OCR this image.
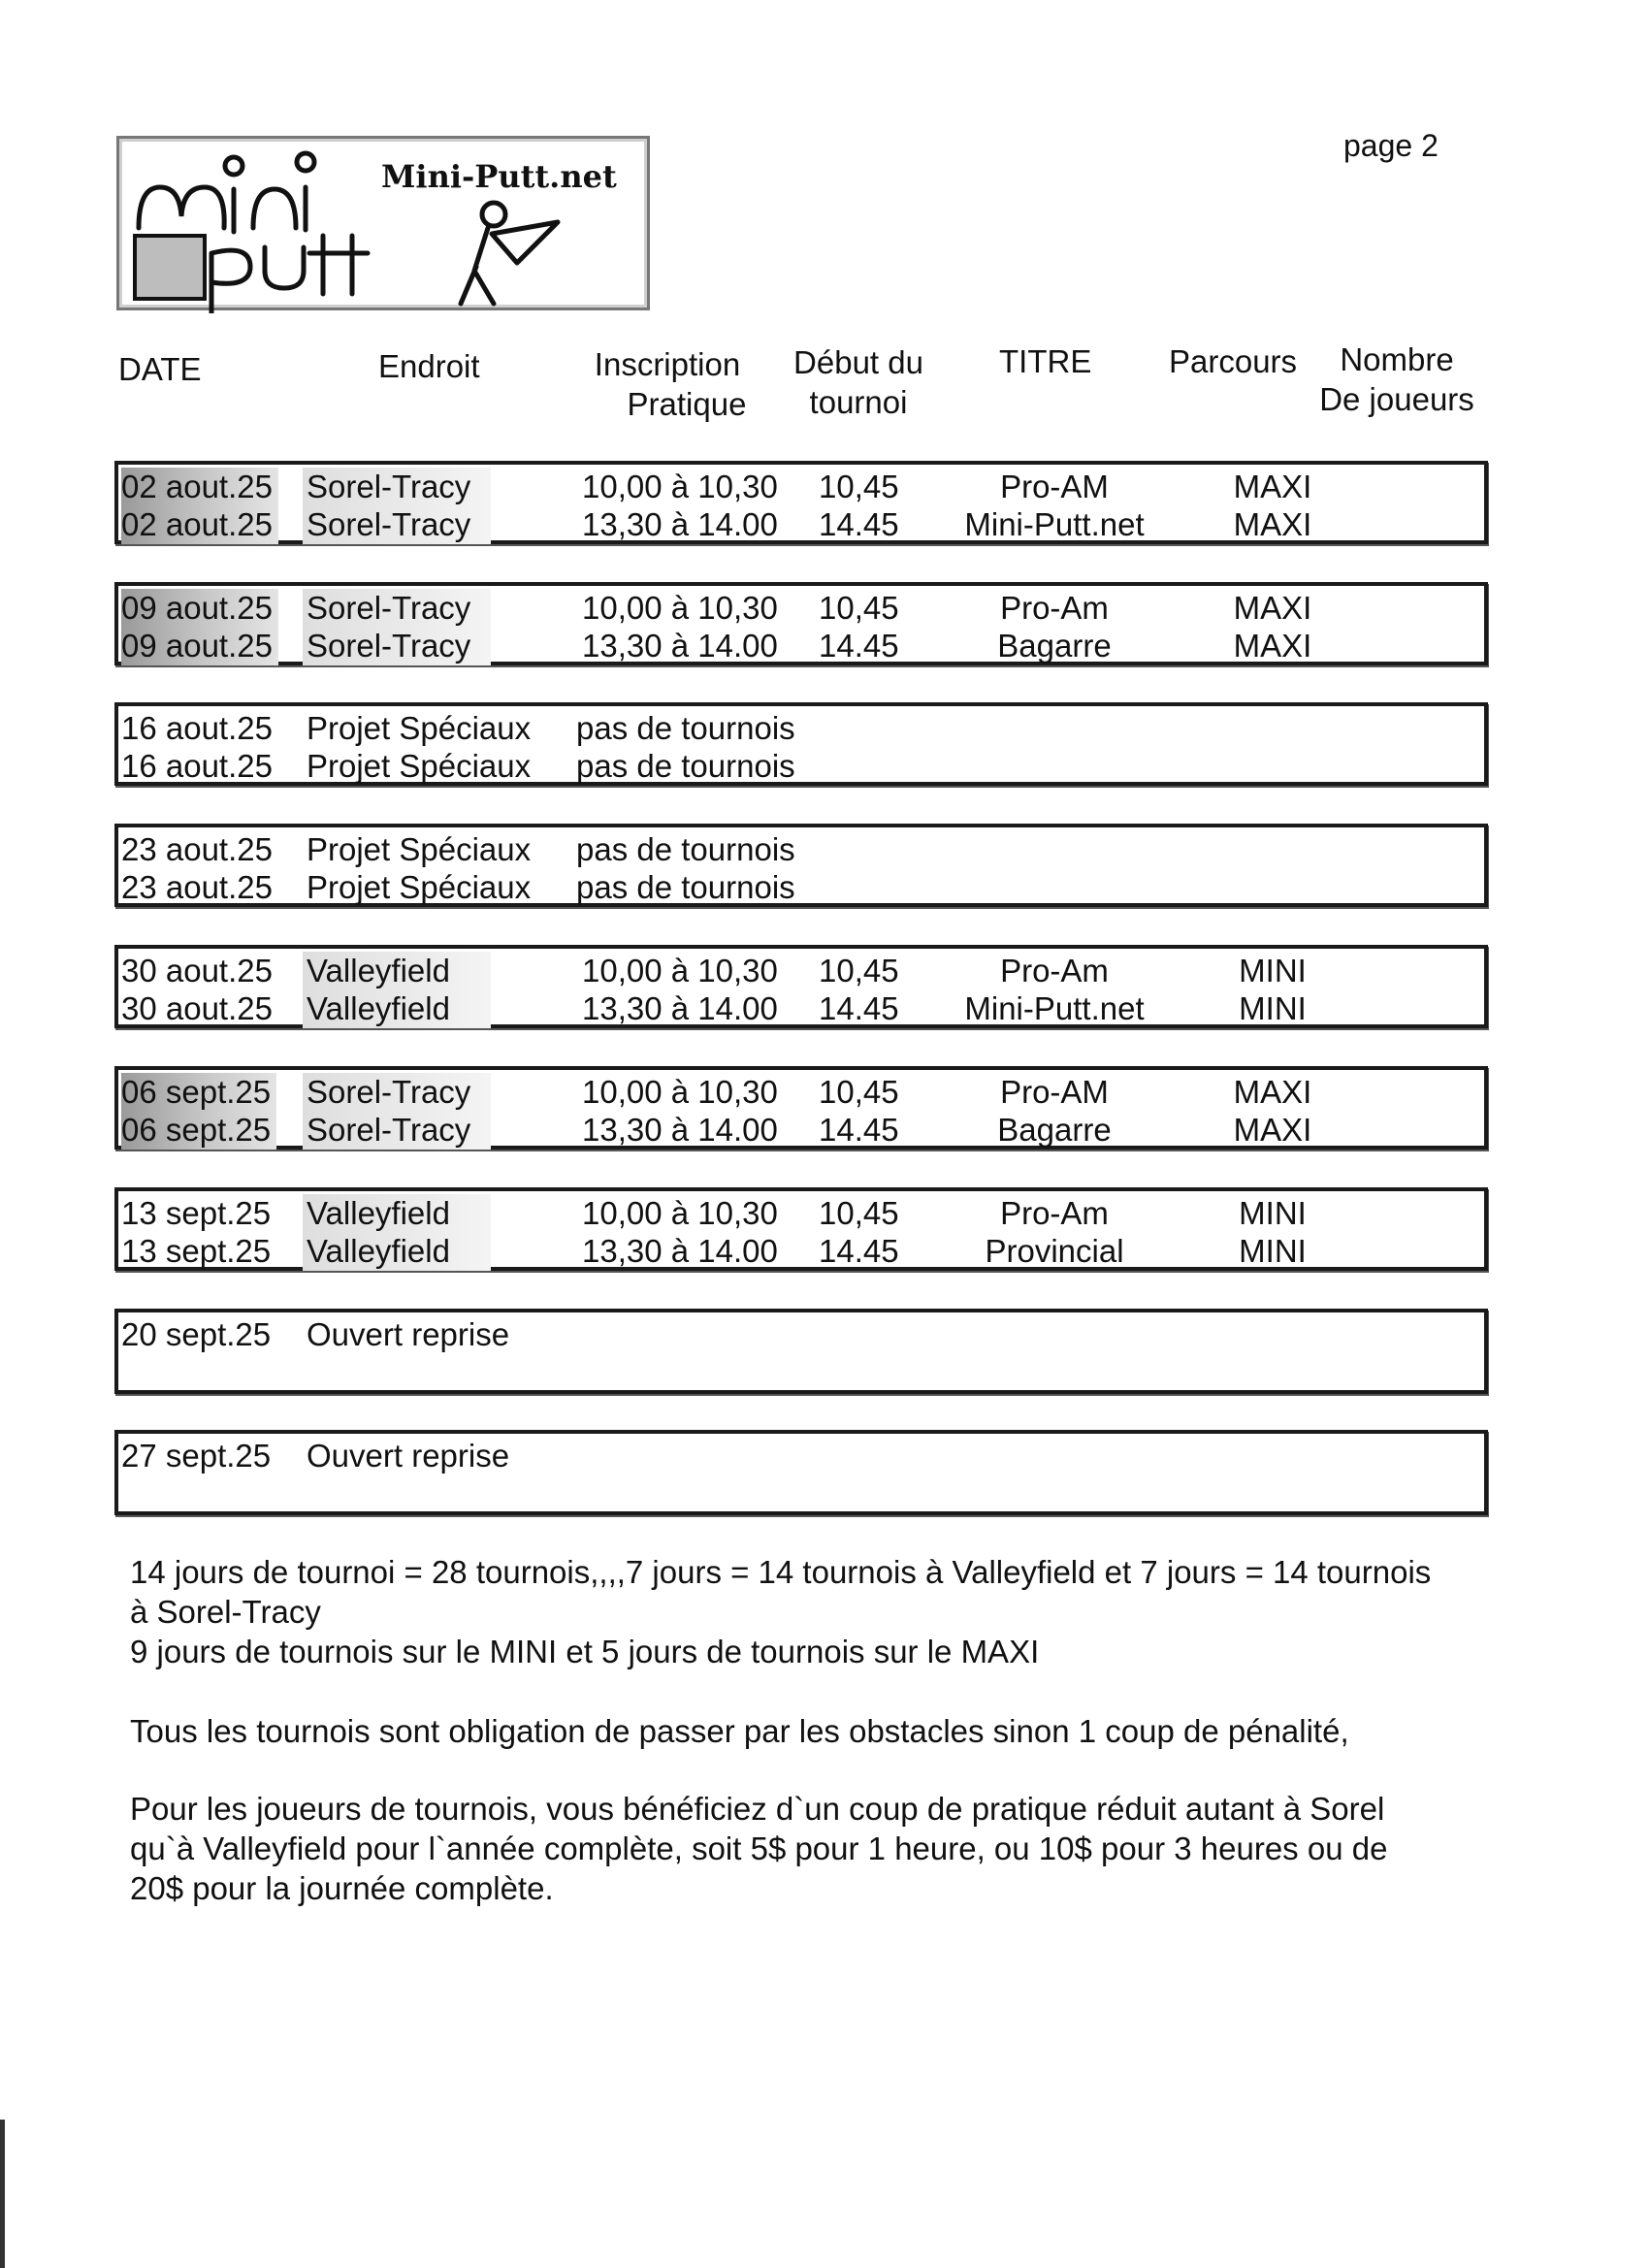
page 2
Mini-Putt.net
DATE	Endroit	Inscription
Pratique
Début du
tournoi
TITRE Parcours	Nombre
De joueurs
02 aout.25 Sorel-Tracy	10,00 à 10,30 10,45	Pro-AM	MAXI
02 aout.25 Sorel-Tracy	13,30 à 14.00 14.45	Mini-Putt.net	MAXI
09 aout.25 Sorel-Tracy	10,00 à 10,30 10,45	Pro-Am	MAXI
09 aout.25 Sorel-Tracy	13,30 à 14.00 14.45	Bagarre	MAXI
16 aout.25 Projet Spéciaux pas de tournois
16 aout.25 Projet Spéciaux pas de tournois
23 aout.25 Projet Spéciaux pas de tournois
23 aout.25 Projet Spéciaux pas de tournois
30 aout.25 Valleyfield	10,00 à 10,30 10,45	Pro-Am	MINI
30 aout.25 Valleyfield	13,30 à 14.00 14.45	Mini-Putt.net	MINI
06 sept.25 Sorel-Tracy	10,00 à 10,30 10,45	Pro-AM	MAXI
06 sept.25 Sorel-Tracy	13,30 à 14.00 14.45	Bagarre	MAXI
13 sept.25 Valleyfield	10,00 à 10,30 10,45	Pro-Am	MINI
13 sept.25 Valleyfield	13,30 à 14.00 14.45	Provincial	MINI
20 sept.25 Ouvert reprise
27 sept.25 Ouvert reprise

14 jours de tournoi = 28 tournois,,,,7 jours = 14 tournois à Valleyfield et 7 jours = 14 tournois

à Sorel-Tracy

9 jours de tournois sur le MINI et 5 jours de tournois sur le MAXI

Tous les tournois sont obligation de passer par les obstacles sinon 1 coup de pénalité,

Pour les joueurs de tournois, vous bénéficiez d`un coup de pratique réduit autant à Sorel

qu`à Valleyfield pour l`année complète, soit 5$ pour 1 heure, ou 10$ pour 3 heures ou de

20$ pour la journée complète.
